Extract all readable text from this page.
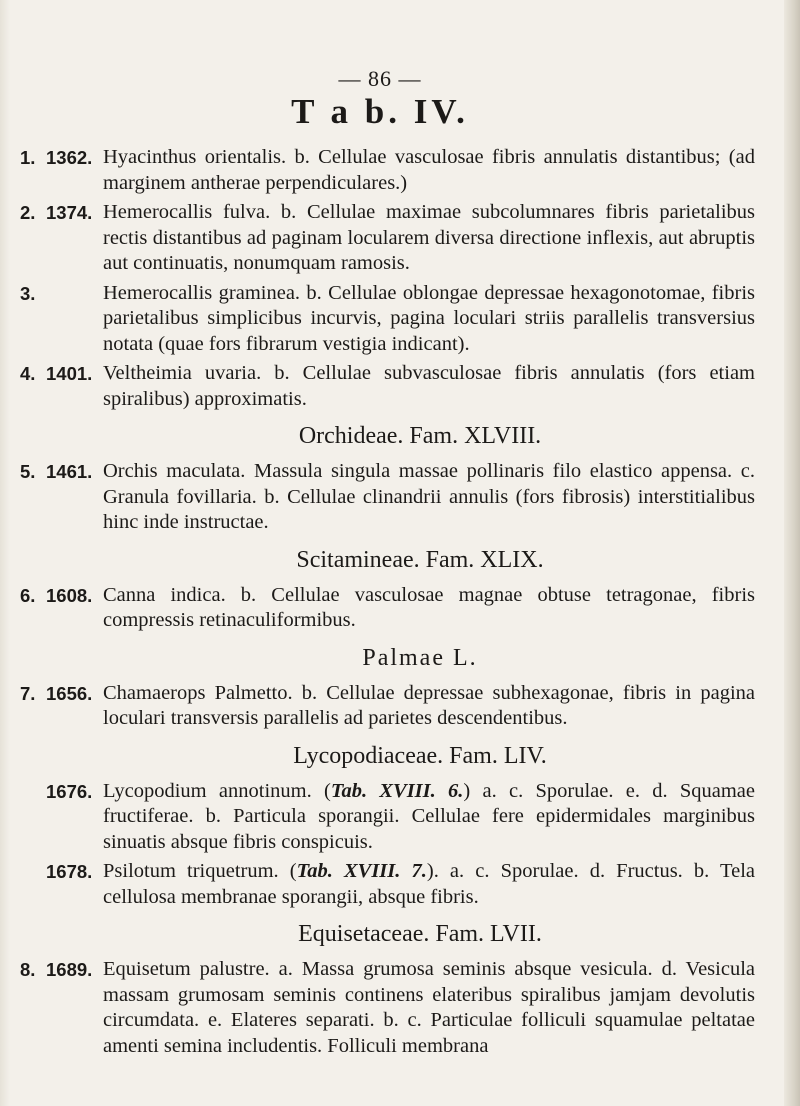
— 86 —
T a b. IV.
1. 1362. Hyacinthus orientalis. b. Cellulae vasculosae fibris annulatis distantibus; (ad marginem antherae perpendiculares.)
2. 1374. Hemerocallis fulva. b. Cellulae maximae subcolumnares fibris parietalibus rectis distantibus ad paginam locularem diversa directione inflexis, aut abruptis aut continuatis, nonumquam ramosis.
3.	Hemerocallis graminea. b. Cellulae oblongae depressae hexagonotomae, fibris parietalibus simplicibus incurvis, pagina loculari striis parallelis transversius notata (quae fors fibrarum vestigia indicant).
4. 1401. Veltheimia uvaria. b. Cellulae subvasculosae fibris annulatis (fors etiam spiralibus) approximatis.
Orchideae. Fam. XLVIII.
5. 1461. Orchis maculata. Massula singula massae pollinaris filo elastico appensa. c. Granula fovillaria. b. Cellulae clinandrii annulis (fors fibrosis) interstitialibus hinc inde instructae.
Scitamineae. Fam. XLIX.
6. 1608. Canna indica. b. Cellulae vasculosae magnae obtuse tetragonae, fibris compressis retinaculiformibus.
Palmae L.
7. 1656. Chamaerops Palmetto. b. Cellulae depressae subhexagonae, fibris in pagina loculari transversis parallelis ad parietes descendentibus.
Lycopodiaceae. Fam. LIV.
1676. Lycopodium annotinum. (Tab. XVIII. 6.) a. c. Sporulae. e. d. Squamae fructiferae. b. Particula sporangii. Cellulae fere epidermidales marginibus sinuatis absque fibris conspicuis.
1678. Psilotum triquetrum. (Tab. XVIII. 7.). a. c. Sporulae. d. Fructus. b. Tela cellulosa membranae sporangii, absque fibris.
Equisetaceae. Fam. LVII.
8. 1689. Equisetum palustre. a. Massa grumosa seminis absque vesicula. d. Vesicula massam grumosam seminis continens elateribus spiralibus jamjam devolutis circumdata. e. Elateres separati. b. c. Particulae folliculi squamulae peltatae amenti semina includentis. Folliculi membrana
